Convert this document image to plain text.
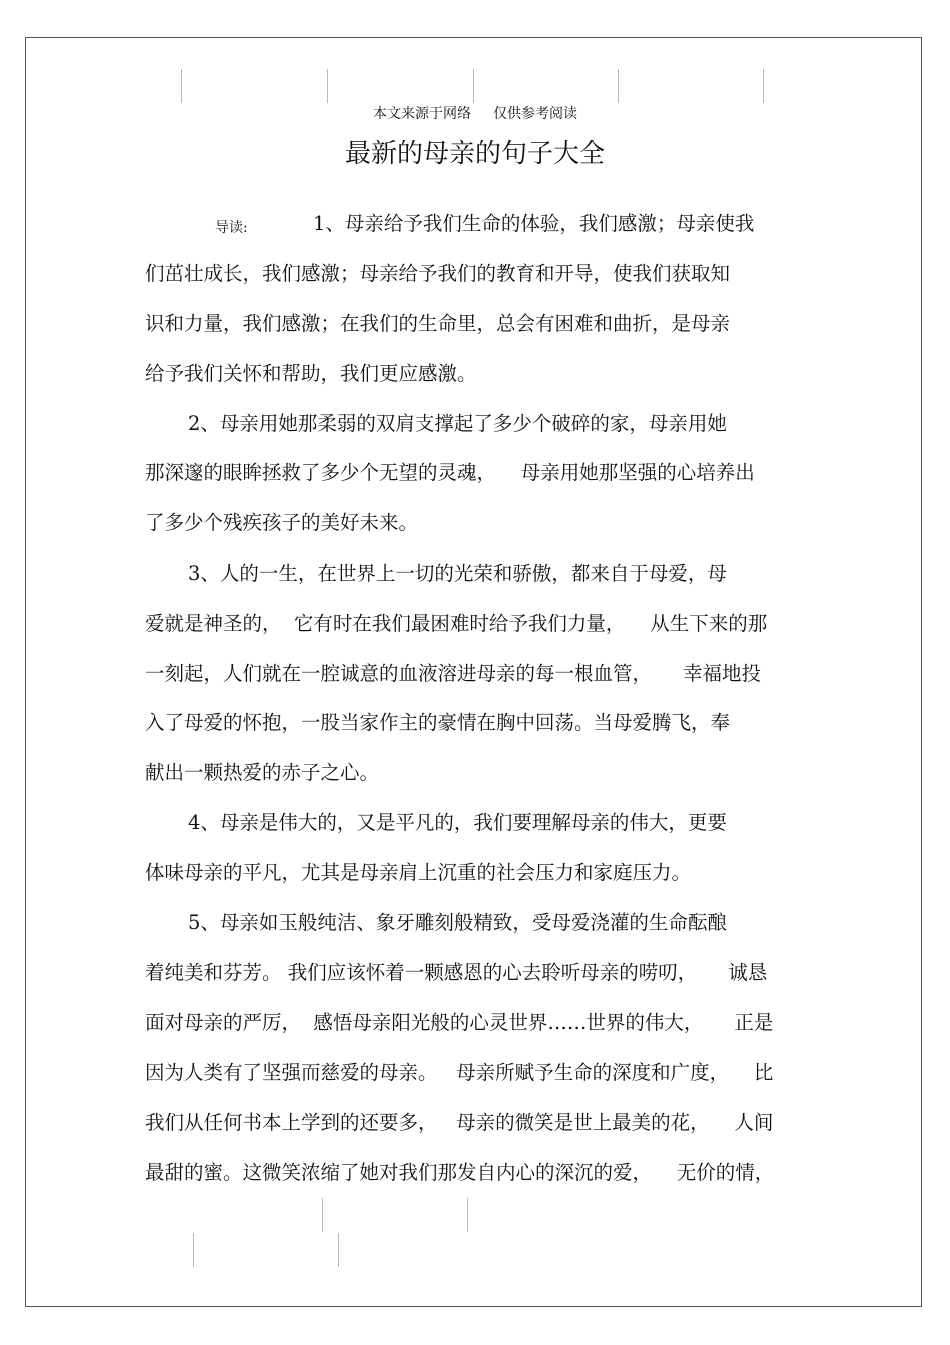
本文来源于网络 仅供参考阅读
最新的母亲的句子大全
导读:	1、母亲给予我们生命的体验，我们感激；母亲使我
们茁壮成长，我们感激；母亲给予我们的教育和开导，使我们获取知
识和力量，我们感激；在我们的生命里，总会有困难和曲折，是母亲
给予我们关怀和帮助，我们更应感激。
2、母亲用她那柔弱的双肩支撑起了多少个破碎的家，母亲用她
那深邃的眼眸拯救了多少个无望的灵魂，    母亲用她那坚强的心培养出
了多少个残疾孩子的美好未来。
3、人的一生，在世界上一切的光荣和骄傲，都来自于母爱，母
爱就是神圣的，  它有时在我们最困难时给予我们力量，    从生下来的那
一刻起，人们就在一腔诚意的血液溶进母亲的每一根血管，     幸福地投
入了母爱的怀抱，一股当家作主的豪情在胸中回荡。当母爱腾飞，奉
献出一颗热爱的赤子之心。
4、母亲是伟大的，又是平凡的，我们要理解母亲的伟大，更要
体味母亲的平凡，尤其是母亲肩上沉重的社会压力和家庭压力。
5、母亲如玉般纯洁、象牙雕刻般精致，受母爱浇灌的生命酝酿
着纯美和芬芳。 我们应该怀着一颗感恩的心去聆听母亲的唠叨，     诚恳
面对母亲的严厉，  感悟母亲阳光般的心灵世界……世界的伟大，     正是
因为人类有了坚强而慈爱的母亲。   母亲所赋予生命的深度和广度，    比
我们从任何书本上学到的还要多，   母亲的微笑是世上最美的花，    人间
最甜的蜜。这微笑浓缩了她对我们那发自内心的深沉的爱，    无价的情，
